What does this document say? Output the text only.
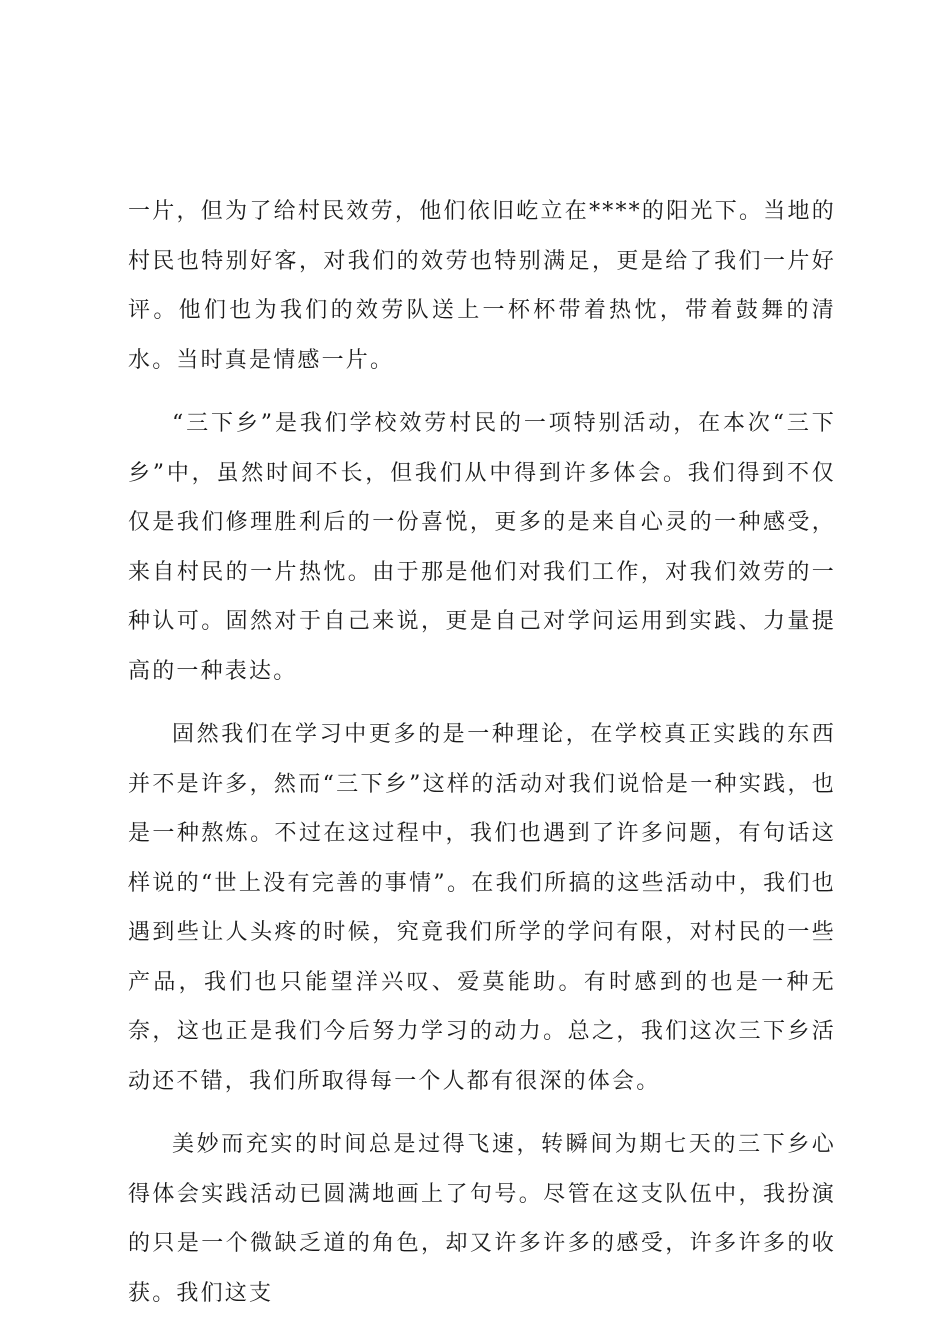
一片，但为了给村民效劳，他们依旧屹立在****的阳光下。当地的村民也特别好客，对我们的效劳也特别满足，更是给了我们一片好评。他们也为我们的效劳队送上一杯杯带着热忱，带着鼓舞的清水。当时真是情感一片。

“三下乡”是我们学校效劳村民的一项特别活动，在本次“三下乡”中，虽然时间不长，但我们从中得到许多体会。我们得到不仅仅是我们修理胜利后的一份喜悦，更多的是来自心灵的一种感受，来自村民的一片热忱。由于那是他们对我们工作，对我们效劳的一种认可。固然对于自己来说，更是自己对学问运用到实践、力量提高的一种表达。

固然我们在学习中更多的是一种理论，在学校真正实践的东西并不是许多，然而“三下乡”这样的活动对我们说恰是一种实践，也是一种熬炼。不过在这过程中，我们也遇到了许多问题，有句话这样说的“世上没有完善的事情”。在我们所搞的这些活动中，我们也遇到些让人头疼的时候，究竟我们所学的学问有限，对村民的一些产品，我们也只能望洋兴叹、爱莫能助。有时感到的也是一种无奈，这也正是我们今后努力学习的动力。总之，我们这次三下乡活动还不错，我们所取得每一个人都有很深的体会。

美妙而充实的时间总是过得飞速，转瞬间为期七天的三下乡心得体会实践活动已圆满地画上了句号。尽管在这支队伍中，我扮演的只是一个微缺乏道的角色，却又许多许多的感受，许多许多的收获。我们这支
